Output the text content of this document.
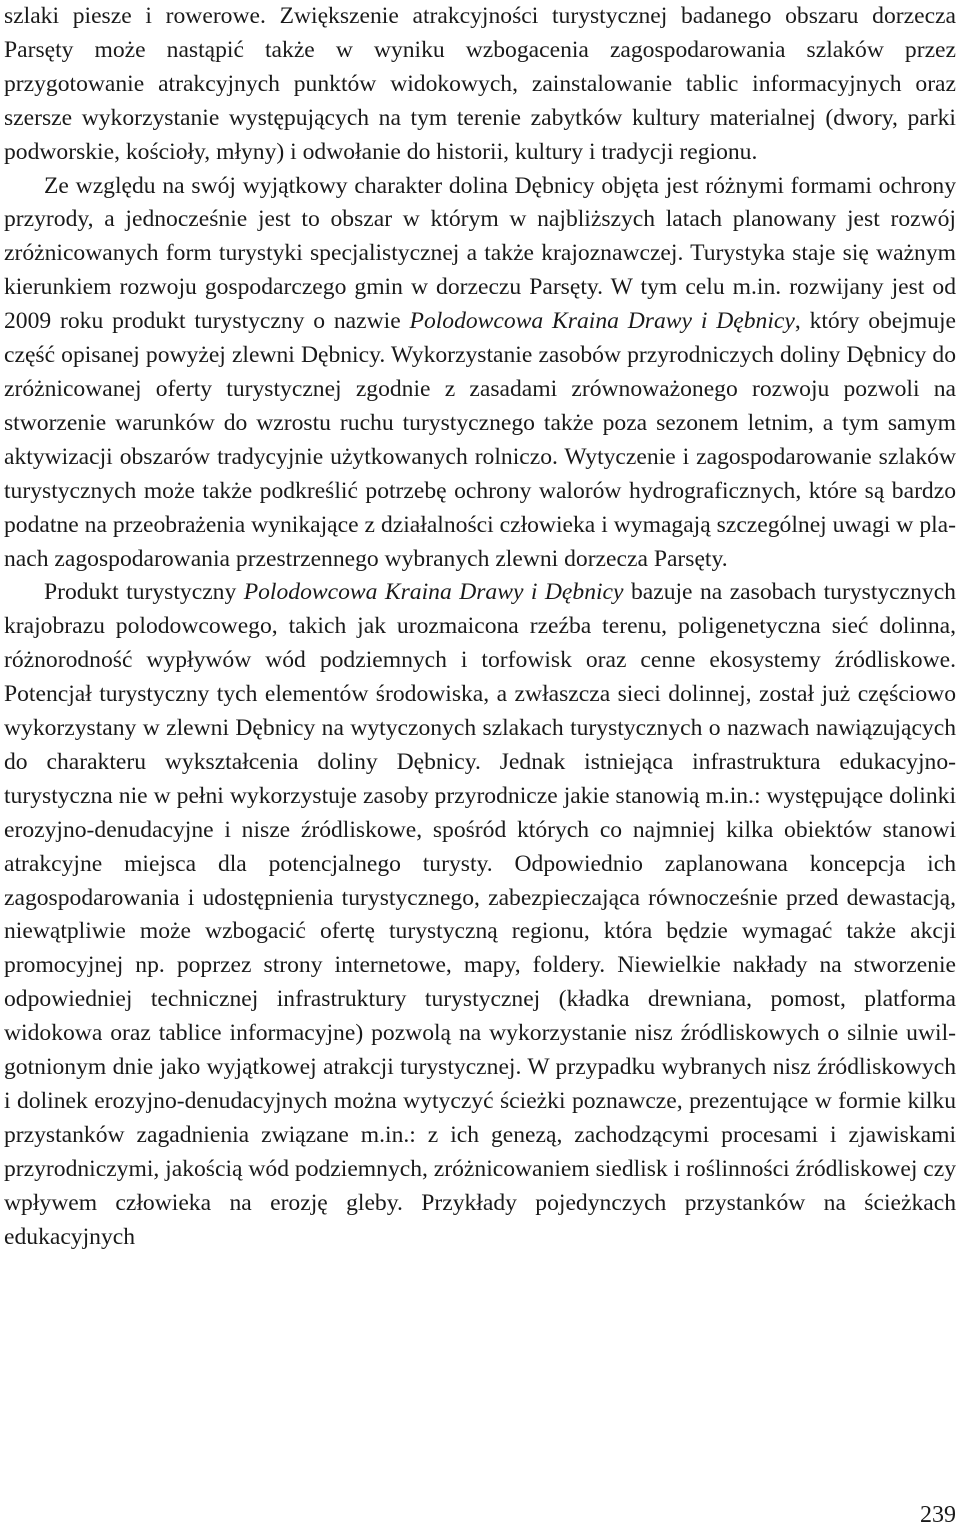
szlaki piesze i rowerowe. Zwiększenie atrakcyjności turystycznej badanego obszaru dorzecza Parsęty może nastąpić także w wyniku wzbogacenia zagospodarowania szlaków przez przygotowanie atrakcyjnych punktów widokowych, zainstalowanie tablic informacyjnych oraz szersze wykorzystanie występujących na tym terenie zabytków kultury materialnej (dwory, parki podworskie, kościoły, młyny) i odwołanie do historii, kultury i tradycji regionu.

Ze względu na swój wyjątkowy charakter dolina Dębnicy objęta jest różnymi formami ochrony przyrody, a jednocześnie jest to obszar w którym w najbliższych latach planowany jest rozwój zróżnicowanych form turystyki specjalistycznej a także krajoznawczej. Turystyka staje się ważnym kierunkiem rozwoju gospodarczego gmin w dorzeczu Parsęty. W tym celu m.in. rozwijany jest od 2009 roku produkt turystyczny o nazwie Polodowcowa Kraina Drawy i Dębnicy, który obejmuje część opisanej powyżej zlewni Dębnicy. Wykorzystanie zasobów przyrodniczych doliny Dębnicy do zróżnicowanej oferty turystycznej zgodnie z zasadami zrównoważonego rozwoju pozwoli na stworzenie warunków do wzrostu ruchu turystycznego także poza sezonem letnim, a tym samym aktywizacji obszarów tradycyjnie użytkowanych rolniczo. Wytyczenie i zagospodarowanie szlaków turystycznych może także podkreślić potrzebę ochrony walorów hydrograficznych, które są bardzo podatne na przeobrażenia wynikające z działalności człowieka i wymagają szczególnej uwagi w planach zagospodarowania przestrzennego wybranych zlewni dorzecza Parsęty.

Produkt turystyczny Polodowcowa Kraina Drawy i Dębnicy bazuje na zasobach turystycznych krajobrazu polodowcowego, takich jak urozmaicona rzeźba terenu, poligenetyczna sieć dolinna, różnorodność wypływów wód podziemnych i torfowisk oraz cenne ekosystemy źródliskowe. Potencjał turystyczny tych elementów środowiska, a zwłaszcza sieci dolinnej, został już częściowo wykorzystany w zlewni Dębnicy na wytyczonych szlakach turystycznych o nazwach nawiązujących do charakteru wykształcenia doliny Dębnicy. Jednak istniejąca infrastruktura edukacyjno-turystyczna nie w pełni wykorzystuje zasoby przyrodnicze jakie stanowią m.in.: występujące dolinki erozyjno-denudacyjne i nisze źródliskowe, spośród których co najmniej kilka obiektów stanowi atrakcyjne miejsca dla potencjalnego turysty. Odpowiednio zaplanowana koncepcja ich zagospodarowania i udostępnienia turystycznego, zabezpieczająca równocześnie przed dewastacją, niewątpliwie może wzbogacić ofertę turystyczną regionu, która będzie wymagać także akcji promocyjnej np. poprzez strony internetowe, mapy, foldery. Niewielkie nakłady na stworzenie odpowiedniej technicznej infrastruktury turystycznej (kładka drewniana, pomost, platforma widokowa oraz tablice informacyjne) pozwolą na wykorzystanie nisz źródliskowych o silnie uwilgotnionym dnie jako wyjątkowej atrakcji turystycznej. W przypadku wybranych nisz źródliskowych i dolinek erozyjno-denudacyjnych można wytyczyć ścieżki poznawcze, prezentujące w formie kilku przystanków zagadnienia związane m.in.: z ich genezą, zachodzącymi procesami i zjawiskami przyrodniczymi, jakością wód podziemnych, zróżnicowaniem siedlisk i roślinności źródliskowej czy wpływem człowieka na erozję gleby. Przykłady pojedynczych przystanków na ścieżkach edukacyjnych

239
